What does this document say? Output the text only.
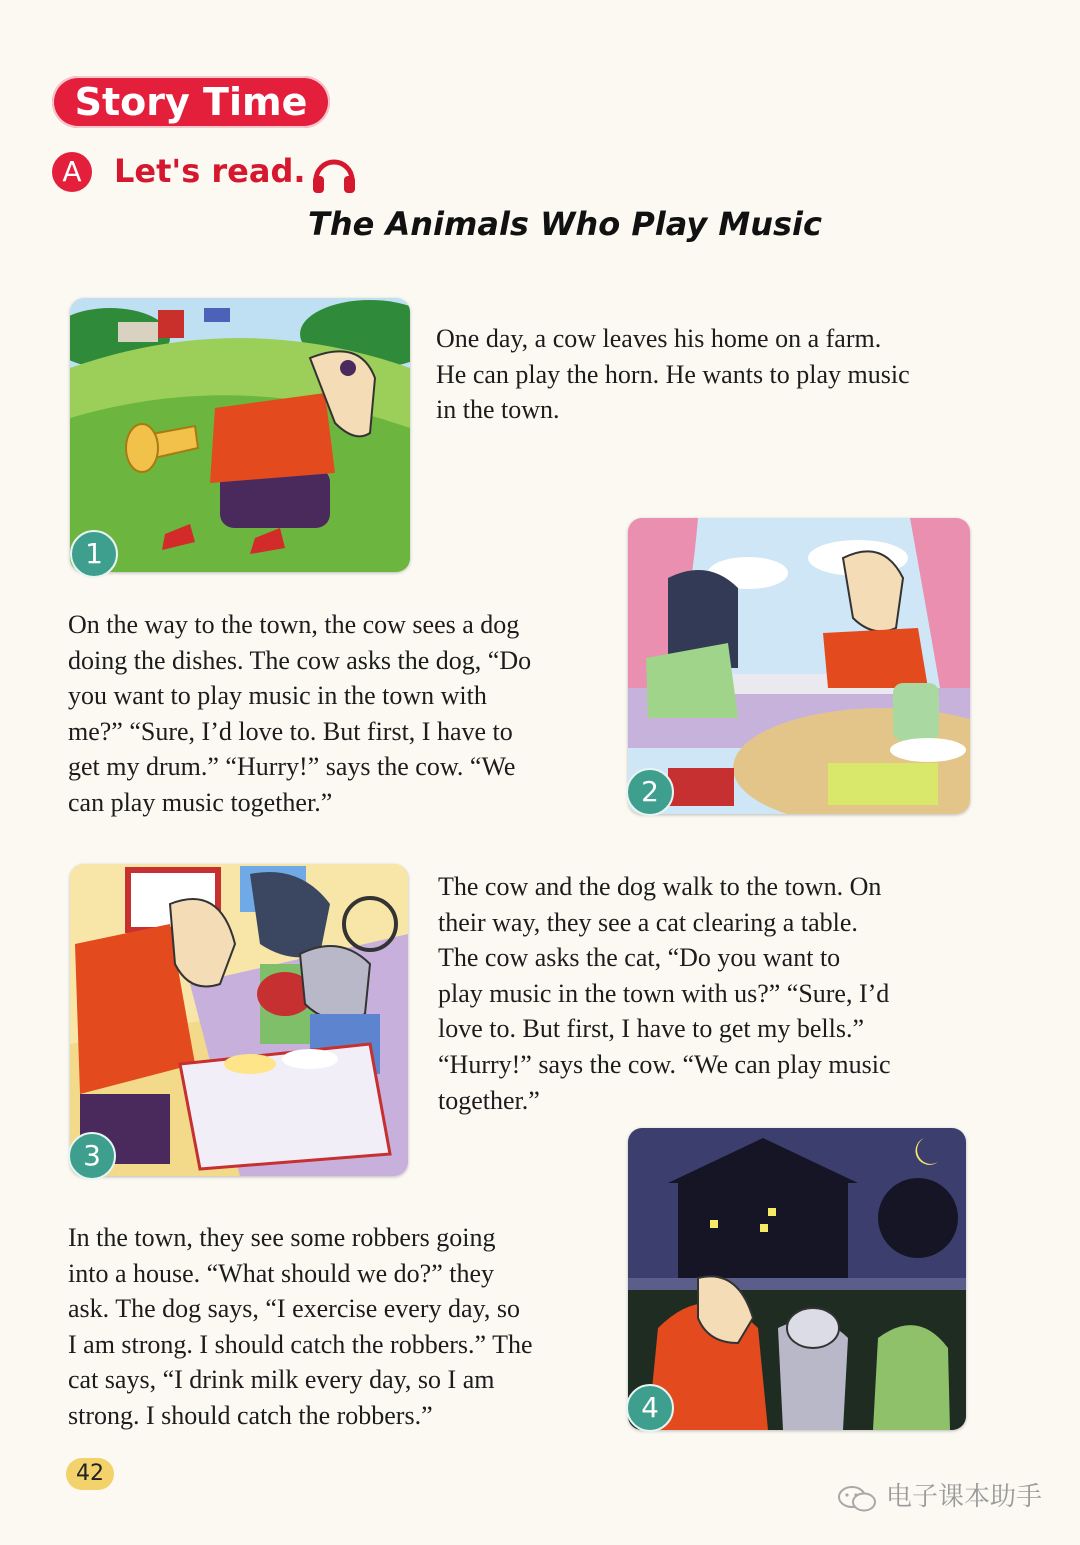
Story Time
A	Let's read.
The Animals Who Play Music
1
One day, a cow leaves his home on a farm.
He can play the horn. He wants to play music
in the town.
2
On the way to the town, the cow sees a dog
doing the dishes. The cow asks the dog, “Do
you want to play music in the town with
me?” “Sure, I’d love to. But first, I have to
get my drum.” “Hurry!” says the cow. “We
can play music together.”
3
The cow and the dog walk to the town. On
their way, they see a cat clearing a table.
The cow asks the cat, “Do you want to
play music in the town with us?” “Sure, I’d
love to. But first, I have to get my bells.”
“Hurry!” says the cow. “We can play music
together.”
4
In the town, they see some robbers going
into a house. “What should we do?” they
ask. The dog says, “I exercise every day, so
I am strong. I should catch the robbers.” The
cat says, “I drink milk every day, so I am
strong. I should catch the robbers.”
42
电子课本助手
